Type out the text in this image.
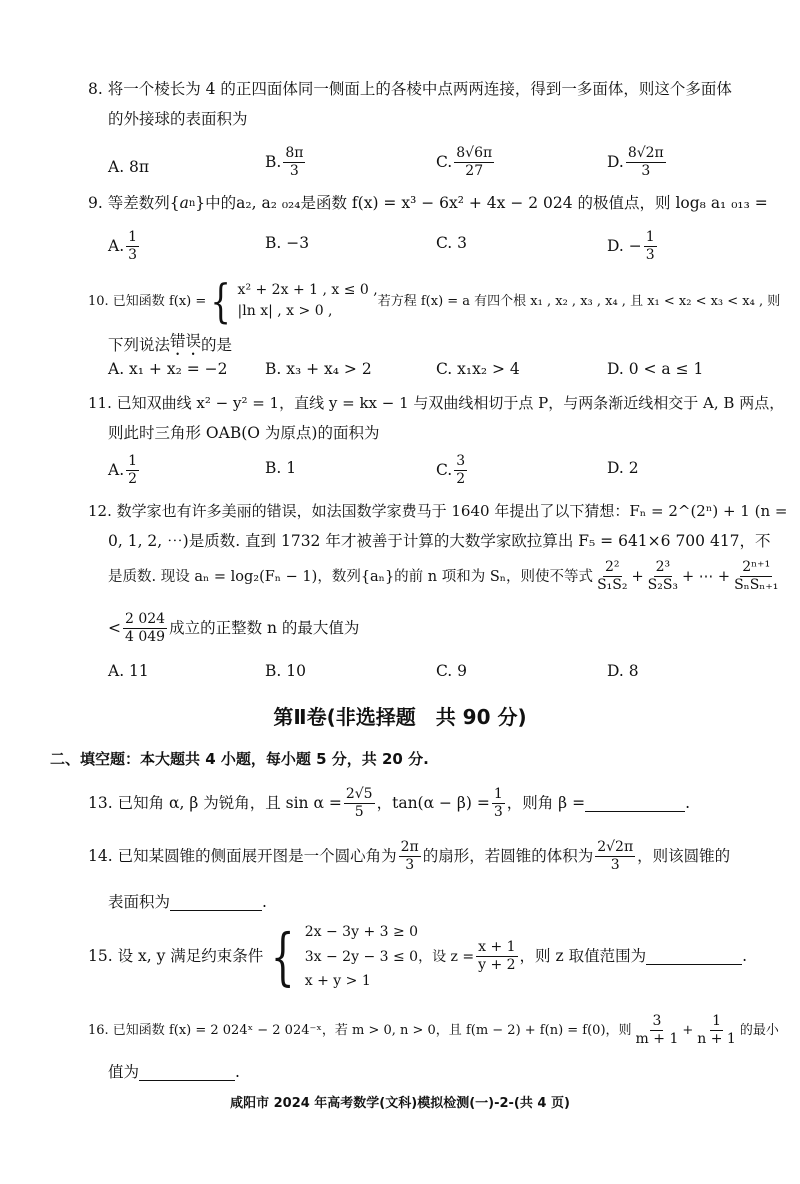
8. 将一个棱长为 4 的正四面体同一侧面上的各棱中点两两连接，得到一多面体，则这个多面体
的外接球的表面积为
A. 8π	B. $\frac{8\pi}{3}$	C. $\frac{8√6\pi}{27}$	D. $\frac{8√2\pi}{3}$
9. 等差数列{ a n }中的 a₂, a₂ ₀₂₄ 是函数 f(x) = x³ − 6x² + 4x − 2 024 的极值点，则 log₈ a₁ ₀₁₃ =
A. $\frac{1}{3}$	B. −3	C. 3	D. − $\frac{1}{3}$
10. 已知函数 f(x) = { x² + 2x + 1 , x ≤ 0 ,
|ln x| , x > 0 ,
若方程 f(x) = a 有四个根 x₁ , x₂ , x₃ , x₄ , 且 x₁ < x₂ < x₃ < x₄ , 则
下列说法 错误 的是
A. x₁ + x₂ = −2 B. x₃ + x₄ > 2	C. x₁x₂ > 4	D. 0 < a ≤ 1
11. 已知双曲线 x² − y² = 1，直线 y = kx − 1 与双曲线相切于点 P，与两条渐近线相交于 A, B 两点，
则此时三角形 OAB(O 为原点)的面积为
A. $\frac{1}{2}$	B. 1	C. $\frac{3}{2}$	D. 2
12. 数学家也有许多美丽的错误，如法国数学家费马于 1640 年提出了以下猜想：Fₙ = 2^(2ⁿ) + 1 (n =
0, 1, 2, ⋯)是质数. 直到 1732 年才被善于计算的大数学家欧拉算出 F₅ = 641×6 700 417，不
是质数. 现设 aₙ = log₂(Fₙ − 1)，数列{aₙ}的前 n 项和为 Sₙ，则使不等式 $\frac{\text{2²}}{\text{S₁S₂}} + \frac{\text{2³}}{\text{S₂S₃}}$ + ⋯ + $\frac{\text{2ⁿ⁺¹}}{\text{SₙSₙ₊₁}}$
< $\frac{2 024}{4 049}$ 成立的正整数 n 的最大值为
A. 11	B. 10	C. 9	D. 8
第Ⅱ卷(非选择题　共 90 分)
二、填空题：本大题共 4 小题，每小题 5 分，共 20 分.
13. 已知角 α, β 为锐角，且 $\sin \alpha = \frac{2√5}{5}$ ，$\tan(\alpha - \beta) = \frac{1}{3}$ ，则角 β =
	.
14. 已知某圆锥的侧面展开图是一个圆心角为 $\frac{2\pi}{3}$ 的扇形，若圆锥的体积为 $\frac{2√2\pi}{3}$ ，则该圆锥的
表面积为
	.
15. 设 x, y 满足约束条件 { 2x − 3y + 3 ≥ 0
3x − 2y − 3 ≤ 0，设 z =
x + y > 1
$\frac{x + 1}{y + 2}$ ，则 z 取值范围为
	.
16. 已知函数 f(x) = 2 024ˣ − 2 024⁻ˣ，若 m > 0, n > 0，且 f(m − 2) + f(n) = f(0)，则 $\frac{3}{m + 1} + \frac{1}{n + 1}$ 的最小
值为
	.
咸阳市 2024 年高考数学(文科)模拟检测(一)-2-(共 4 页)
